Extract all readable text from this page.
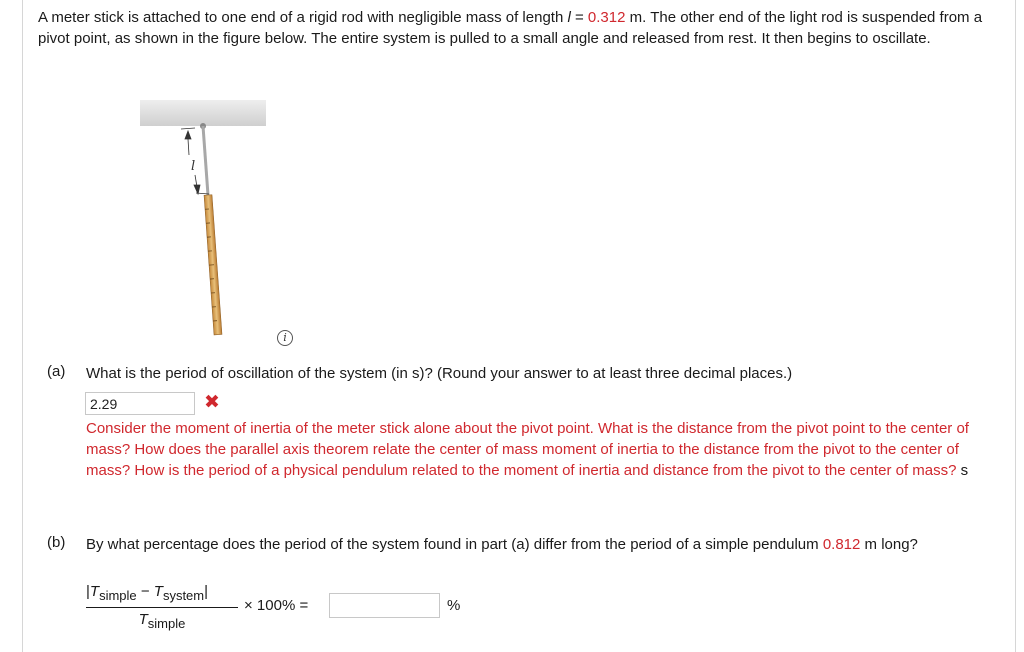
A meter stick is attached to one end of a rigid rod with negligible mass of length l = 0.312 m. The other end of the light rod is suspended from a pivot point, as shown in the figure below. The entire system is pulled to a small angle and released from rest. It then begins to oscillate.

l
i
(a) What is the period of oscillation of the system (in s)? (Round your answer to at least three decimal places.)
2.29	✖
Consider the moment of inertia of the meter stick alone about the pivot point. What is the distance from the pivot point to the center of mass? How does the parallel axis theorem relate the center of mass moment of inertia to the distance from the pivot to the center of mass? How is the period of a physical pendulum related to the moment of inertia and distance from the pivot to the center of mass? s
(b) By what percentage does the period of the system found in part (a) differ from the period of a simple pendulum 0.812 m long?
$|T_{simple} - T_{system}|$
$T_{simple}$
× 100% =	%
